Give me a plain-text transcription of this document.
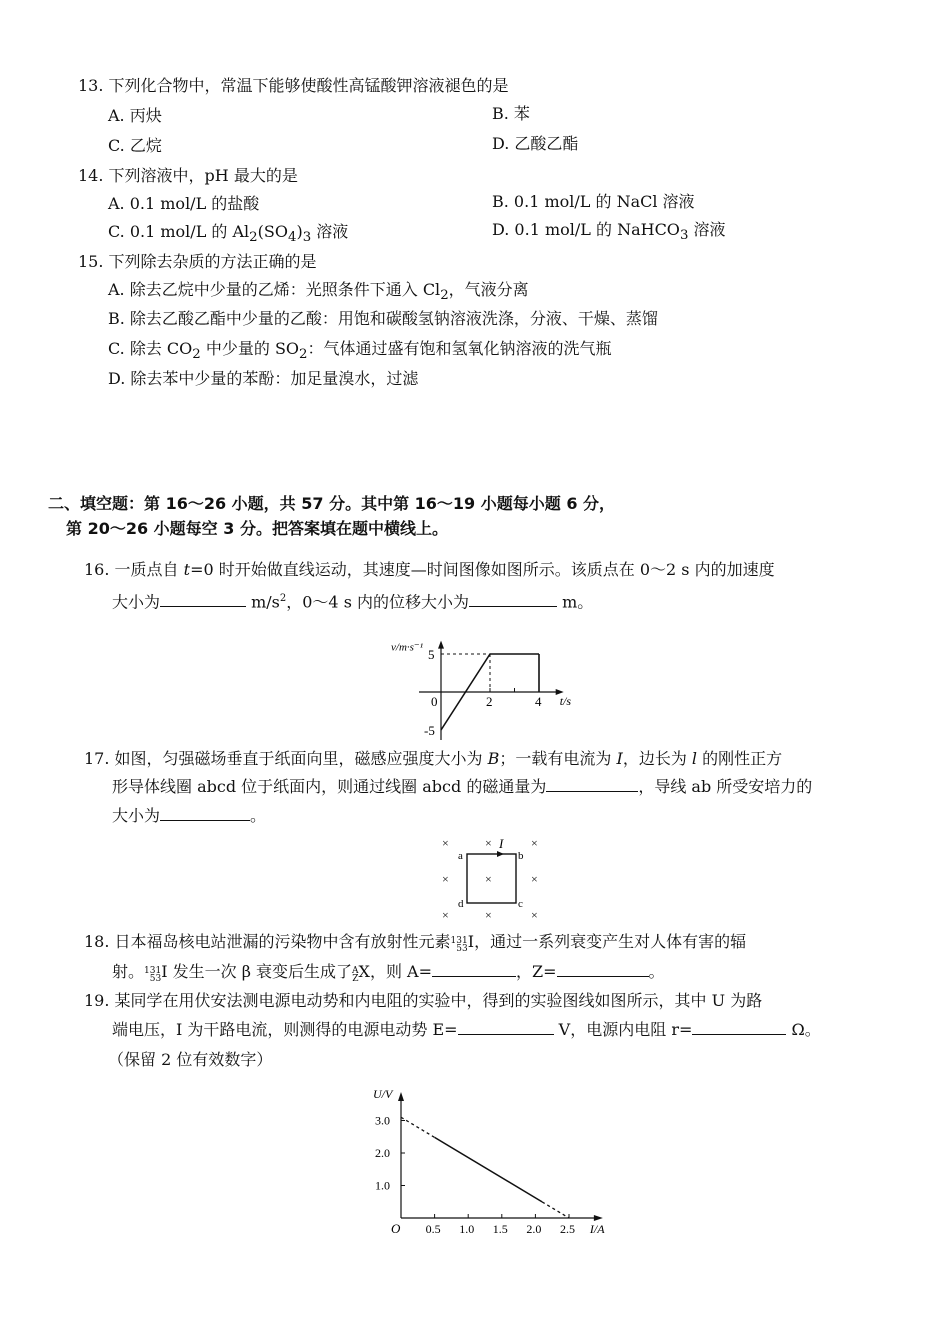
13. 下列化合物中，常温下能够使酸性高锰酸钾溶液褪色的是
A. 丙炔	B. 苯
C. 乙烷	D. 乙酸乙酯
14. 下列溶液中，pH 最大的是
A. 0.1 mol/L 的盐酸	B. 0.1 mol/L 的 NaCl 溶液
C. 0.1 mol/L 的 $Al_2(SO_4)_3$ 溶液	D. 0.1 mol/L 的 NaHCO$_3$ 溶液
15. 下列除去杂质的方法正确的是
A. 除去乙烷中少量的乙烯：光照条件下通入 $Cl_2$，气液分离
B. 除去乙酸乙酯中少量的乙酸：用饱和碳酸氢钠溶液洗涤，分液、干燥、蒸馏
C. 除去 $CO_2$ 中少量的 $SO_2$：气体通过盛有饱和氢氧化钠溶液的洗气瓶
D. 除去苯中少量的苯酚：加足量溴水，过滤
二、填空题：第 16～26 小题，共 57 分。其中第 16～19 小题每小题 6 分，
第 20～26 小题每空 3 分。把答案填在题中横线上。
16. 一质点自 t=0 时开始做直线运动，其速度—时间图像如图所示。该质点在 0～2 s 内的加速度
大小为	$m/s^2$，0～4 s 内的位移大小为	m。
0	2	4
5
-5
t/s
v/m·s⁻¹
17. 如图，匀强磁场垂直于纸面向里，磁感应强度大小为 B；一载有电流为 I，边长为 l 的刚性正方
形导体线圈 abcd 位于纸面内，则通过线圈 abcd 的磁通量为	，导线 ab 所受安培力的
大小为	。
×	×	×
×	×	×
×	×	×
a	b
c
d
I
18. 日本福岛核电站泄漏的污染物中含有放射性元素131
53I，通过一系列衰变产生对人体有害的辐
射。131
53I 发生一次 β 衰变后生成了A
ZX，则 A=	，Z=	。
19. 某同学在用伏安法测电源电动势和内电阻的实验中，得到的实验图线如图所示，其中 U 为路
端电压，I 为干路电流，则测得的电源电动势 E=	V，电源内电阻 r=	Ω。
（保留 2 位有效数字）
0.5 1.0 1.5 2.0 2.5
1.0
2.0
3.0
O	I/A
U/V
